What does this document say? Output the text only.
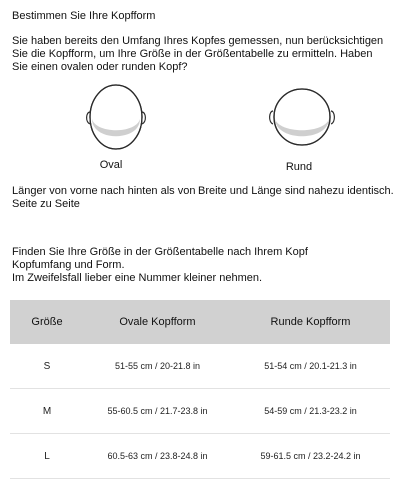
Bestimmen Sie Ihre Kopfform
Sie haben bereits den Umfang Ihres Kopfes gemessen, nun berücksichtigen
Sie die Kopfform, um Ihre Größe in der Größentabelle zu ermitteln. Haben
Sie einen ovalen oder runden Kopf?
Oval	Rund
Länger von vorne nach hinten als von
Seite zu Seite
Breite und Länge sind nahezu identisch.
Finden Sie Ihre Größe in der Größentabelle nach Ihrem Kopf
Kopfumfang und Form.
Im Zweifelsfall lieber eine Nummer kleiner nehmen.
Größe	Ovale Kopfform	Runde Kopfform
S	51-55 cm / 20-21.8 in	51-54 cm / 20.1-21.3 in
M	55-60.5 cm / 21.7-23.8 in	54-59 cm / 21.3-23.2 in
L	60.5-63 cm / 23.8-24.8 in	59-61.5 cm / 23.2-24.2 in
